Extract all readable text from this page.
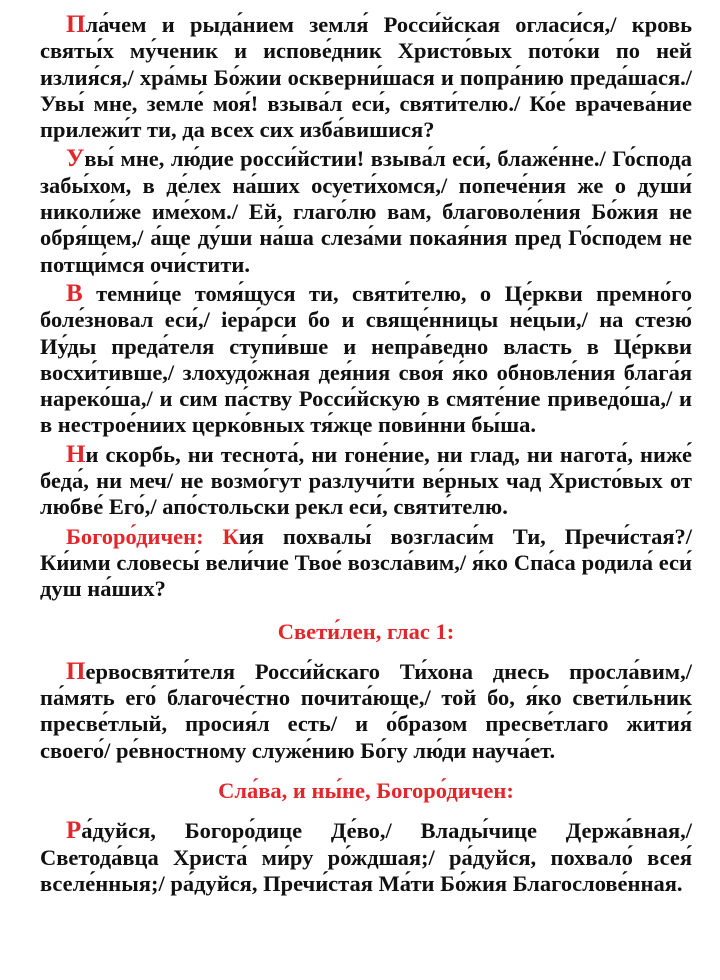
Пла́чем и рыда́нием земля́ Росси́йская огласи́ся,/ кровь святы́х му́ченик и испове́дник Христо́вых пото́ки по ней излия́ся,/ хра́мы Бо́жии оскверни́шася и попра́нию преда́шася./ Увы́ мне, земле́ моя́! взыва́л еси́, святи́телю./ Ко́е врачева́ние прилежи́т ти, да всех сих изба́вишися?

Увы́ мне, лю́дие росси́йстии! взыва́л еси́, блаже́нне./ Го́спода забы́хом, в де́лех на́ших осуети́хомся,/ попече́ния же о души́ николи́же име́хом./ Ей, глаго́лю вам, благоволе́ния Бо́жия не обря́щем,/ а́ще ду́ши на́ша слеза́ми покая́ния пред Го́сподем не потщи́мся очи́стити.

В темни́це томя́щуся ти, святи́телю, о Це́ркви премно́го боле́зновал еси́,/ іера́рси бо и свяще́нницы не́цыи,/ на стезю́ Иу́ды преда́теля ступи́вше и непра́ведно власть в Це́ркви восхи́тивше,/ злохудо́жная дея́ния своя́ я́ко обновле́ния блага́я нареко́ша,/ и сим па́ству Росси́йскую в смяте́ние приведо́ша,/ и в нестрое́ниих церко́вных тя́жце пови́нни бы́ша.

Ни скорбь, ни теснота́, ни гоне́ние, ни глад, ни нагота́, ниже́ беда́, ни меч/ не возмо́гут разлучи́ти ве́рных чад Христо́вых от любве́ Его́,/ апо́стольски рекл еси́, святи́телю.

Богоро́дичен: Кия похвалы́ возгласи́м Ти, Пречи́стая?/ Ки́ими словесы́ вели́чие Твое́ возсла́вим,/ я́ко Спа́са родила́ еси́ душ на́ших?

Свети́лен, глас 1:

Первосвяти́теля Росси́йскаго Ти́хона днесь просла́вим,/ па́мять его́ благоче́стно почита́юще,/ той бо, я́ко свети́льник пресве́тлый, просия́л есть/ и о́бразом пресве́тлаго жития́ своего́/ ре́вностному служе́нию Бо́гу лю́ди науча́ет.

Сла́ва, и ны́не, Богоро́дичен:

Ра́дуйся, Богоро́дице Де́во,/ Влады́чице Держа́вная,/ Светода́вца Христа́ ми́ру ро́ждшая;/ ра́дуйся, похвало́ всея́ вселе́нныя;/ ра́дуйся, Пречи́стая Ма́ти Бо́жия Благослове́нная.
